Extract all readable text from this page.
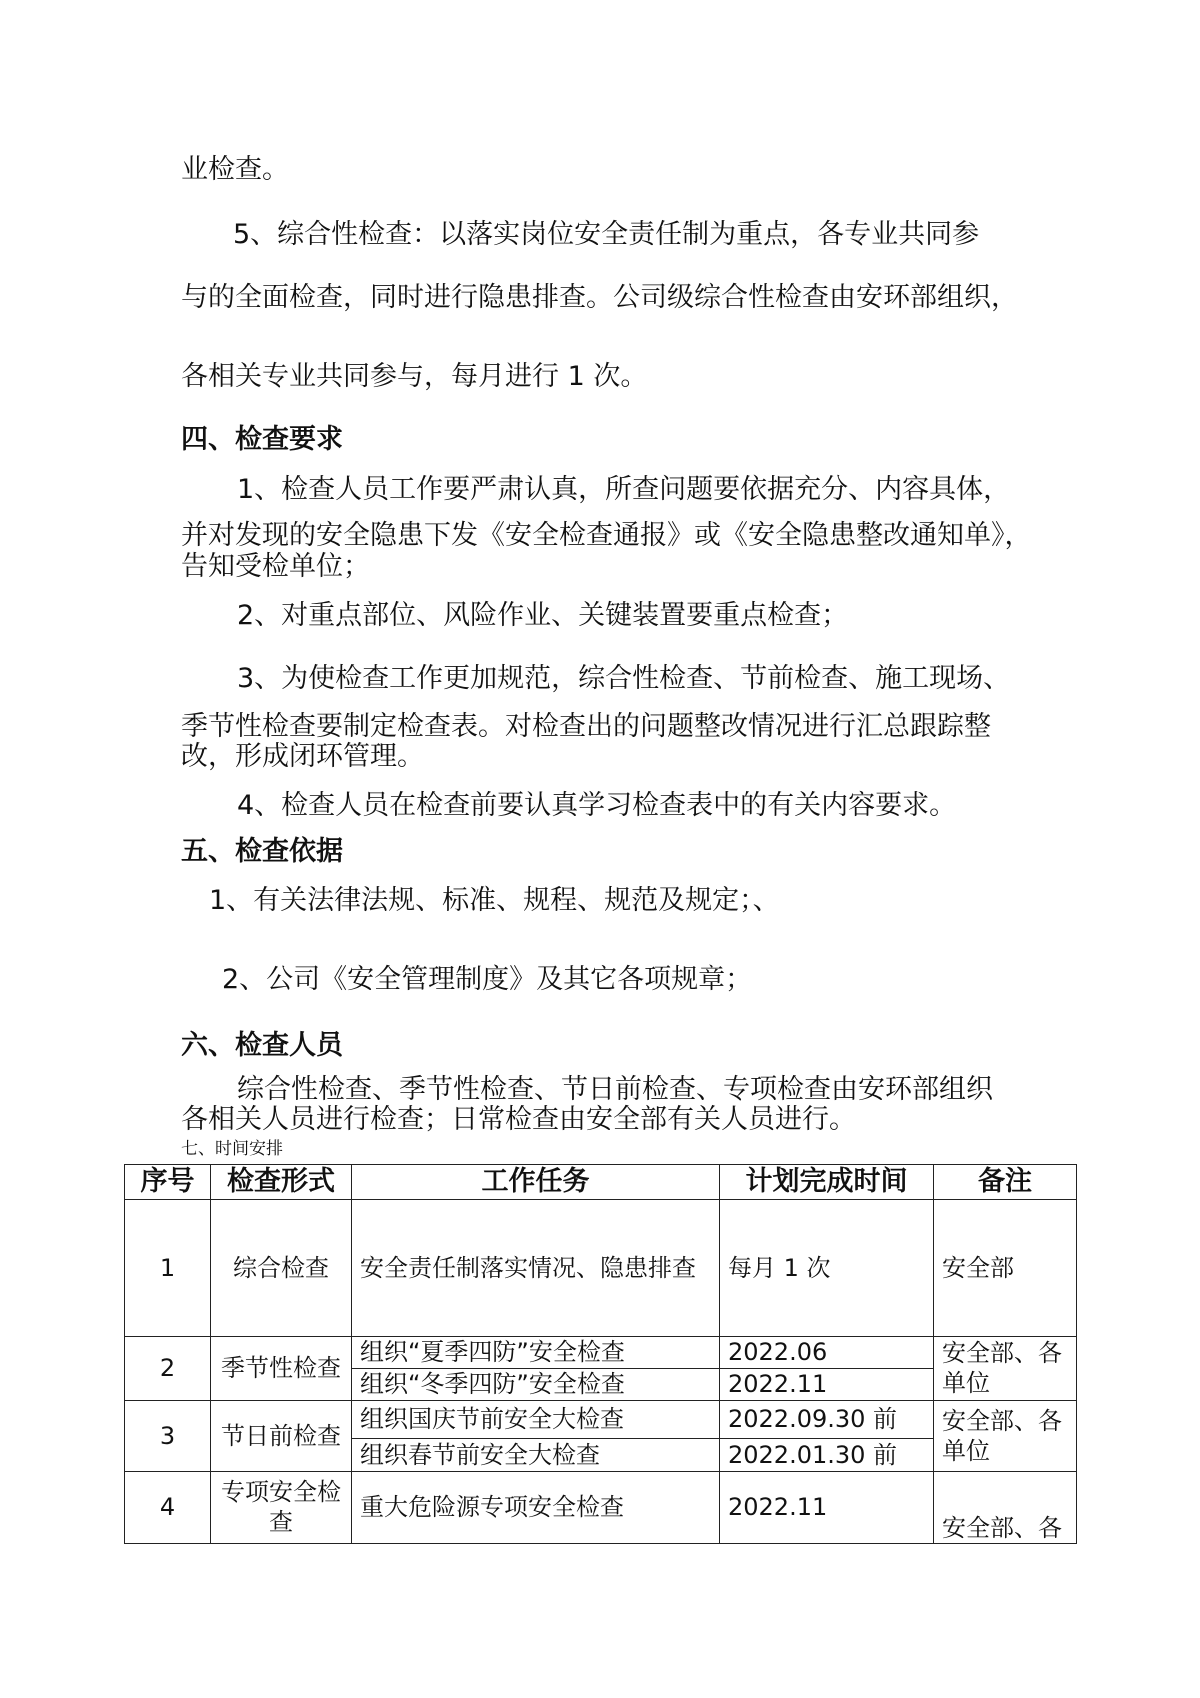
业检查。
5、综合性检查：以落实岗位安全责任制为重点，各专业共同参
与的全面检查，同时进行隐患排查。公司级综合性检查由安环部组织，
各相关专业共同参与，每月进行 1 次。
四、检查要求
1、检查人员工作要严肃认真，所查问题要依据充分、内容具体，
并对发现的安全隐患下发《安全检查通报》或《安全隐患整改通知单》，
告知受检单位；
2、对重点部位、风险作业、关键装置要重点检查；
3、为使检查工作更加规范，综合性检查、节前检查、施工现场、
季节性检查要制定检查表。对检查出的问题整改情况进行汇总跟踪整
改，形成闭环管理。
4、检查人员在检查前要认真学习检查表中的有关内容要求。
五、检查依据
1、有关法律法规、标准、规程、规范及规定；、
2、公司《安全管理制度》及其它各项规章；
六、检查人员
综合性检查、季节性检查、节日前检查、专项检查由安环部组织
各相关人员进行检查；日常检查由安全部有关人员进行。
七、时间安排
序号	检查形式	工作任务	计划完成时间	备注
1	综合检查	安全责任制落实情况、隐患排查	每月 1 次	安全部
2	季节性检查	组织“夏季四防”安全检查	2022.06	安全部、各单位
		组织“冬季四防”安全检查	2022.11	
3	节日前检查	组织国庆节前安全大检查	2022.09.30 前	安全部、各单位
		组织春节前安全大检查	2022.01.30 前	
4	专项安全检查	重大危险源专项安全检查	2022.11	安全部、各
